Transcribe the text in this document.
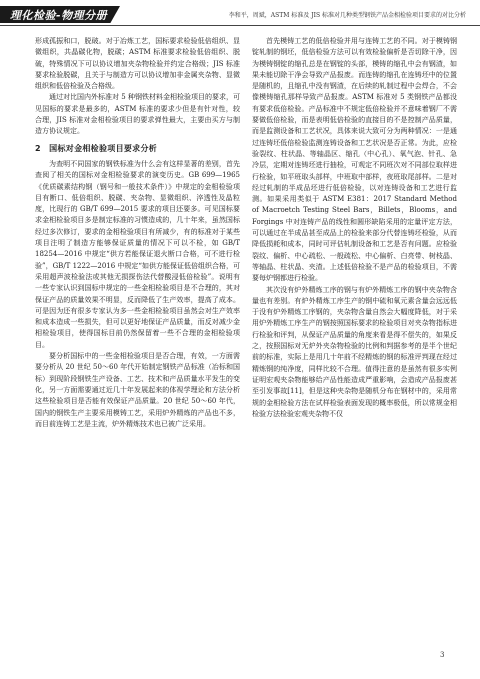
理化检验-物理分册	李和平，周斌，ASTM 标准及 JIS 标准对几种类型钢铁产品金相检验项目要求的对比分析

形成孤振和口，脱破。对于冶炼工艺，国标要求检验低倍组织、显微组织，共晶碳化物，脱碳；ASTM 标准要求检验低倍组织、脱破，特殊情况下可以协议增加夹杂物检验并约定合格级；JIS 标准要求检验脱碳，且关于与制造方可以协议增加非金属夹杂物、显微组织和低倍检验及合格级。

通过对比国内外标准对 5 种钢铁材料金相检验项目的要求，可见国标的要求是最多的，ASTM 标准的要求少但是有针对性，较合理，JIS 标准对金相检验项目的要求弹性最大，主要由买方与制造方协议规定。

2　国标对金相检验项目要求分析

为查明不同国家的钢铁标准为什么会有这样显著的差别，首先查阅了相关的国标对金相检验要求的演变历史。GB 699—1965《优质碳素结构钢（钢号和一般技术条件）》中规定的金相检验项目有断口、低倍组织、脱碳、夹杂物、显微组织、淬透性及晶粒度，比现行的 GB/T 699—2015 要求的项目还要多。可见国标要求金相检验项目多是制定标准的习惯造成的，几十年来，虽然国标经过多次修订，要求的金相检验项目有所减少，有的标准对于某些项目注明了制造方能够保证质量的情况下可以不检，如 GB/T 18254—2016 中规定“供方若能保证退火断口合格，可不进行检验”，GB/T 1222—2016 中规定“如供方能保证低倍组织合格，可采用超声波检验法或其他无损探伤法代替酸浸低倍检验”。说明有一些专家认识到国标中规定的一些金相检验项目是不合理的，其对保证产品的质量效果不明显，反而降低了生产效率，提高了成本。可是因为还有很多专家认为多一些金相检验项目虽然会对生产效率和成本造成一些损失，但可以更好地保证产品质量，而反对减少金相检验项目，使得国标目前仍然保留着一些不合理的金相检验项目。

要分析国标中的一些金相检验项目是否合理，有效，一方面需要分析从 20 世纪 50～60 年代开始制定钢铁产品标准（冶标和国标）到现阶段钢铁生产设备、工艺、技术和产品质量水平发生的变化，另一方面需要通过近几十年发展起来的体视学理论和方法分析这些检验项目是否能有效保证产品质量。20 世纪 50～60 年代，国内的钢铁生产主要采用模铸工艺，采用炉外精炼的产品也不多，而目前连铸工艺是主流，炉外精炼技术也已被广泛采用。

首先模铸工艺的低倍检验并用与连铸工艺的不同。对于模铸钢锭轧制的钢坯，低倍检验方法可以有效检验偏析是否切除干净，因为模铸钢锭的缩孔总是在钢锭的头部，模铸的缩孔中会有钢渣，如果未能切除干净会导致产品报废。而连铸的缩孔在连铸坯中的位置是随机的，且缩孔中没有钢渣，在后续的轧制过程中会焊合，不会像模铸缩孔那样导致产品报废。ASTM 标准对 5 类钢铁产品都没有要求低倍检验。产品标准中不规定低倍检验并不意味着钢厂不需要做低倍检验，而是表明低倍检验的直接目的不是控制产品质量，而是监测设备和工艺状况，具体来说大致可分为两种情况：一是通过连铸坯低倍检验监测连铸设备和工艺状况是否正常。为此，应检验裂纹、柱状晶、等轴晶区、缩孔（中心孔）、氧气泡、针孔、急冷层，定期对连铸坯进行抽检，可观定不同班次对不同部位取样进行检验，如平班取头部样，中班取中部样，夜班取尾部样。二是对经过轧制的半成品坯进行低倍检验，以对连铸设备和工艺进行监测。如果采用类似于 ASTM E381：2017 Standard Method of Macroetch Testing Steel Bars，Billets，Blooms，and Forgings 中对连铸产品的线性和圆形缺陷采用的定量评定方法，可以通过在半成品甚至成品上的检验来部分代替连铸坯检验，从而降低损耗和成本，同时可评估轧制设备和工艺是否有问题。应检验裂纹、偏析、中心疏松、一般疏松、中心偏析、白亮带、树枝晶、等轴晶、柱状晶、夹渣。上述低倍检验不是产品的检验项目，不需要每炉钢都进行检验。

其次没有炉外精炼工序的钢与有炉外精炼工序的钢中夹杂物含量也有差别。有炉外精炼工序生产的钢中硫和氧元素含量会远远低于没有炉外精炼工序钢的，夹杂物含量自然会大幅度降低，对于采用炉外精炼工序生产的钢按照国标要求的检验项目对夹杂物指标进行检验和评判，从保证产品质量的角度来看是得不偿失的，如果反之，按照国标对无炉外夹杂物检验的比例和判据参考的是半个世纪前的标准，实际上是用几十年前不经精炼的钢的标准评判现在经过精炼钢的纯净度，同样比较不合理。值得注意的是虽然有很多实例证明宏观夹杂物能够给产品性能造成严重影响，会造成产品报废甚至引发事故[11]，但是这种夹杂物是随机分布在钢材中的，采用常规的金相检验方法在试样检验表面发现的概率极低，所以常规金相检验方法检验宏观夹杂物不仅

3
